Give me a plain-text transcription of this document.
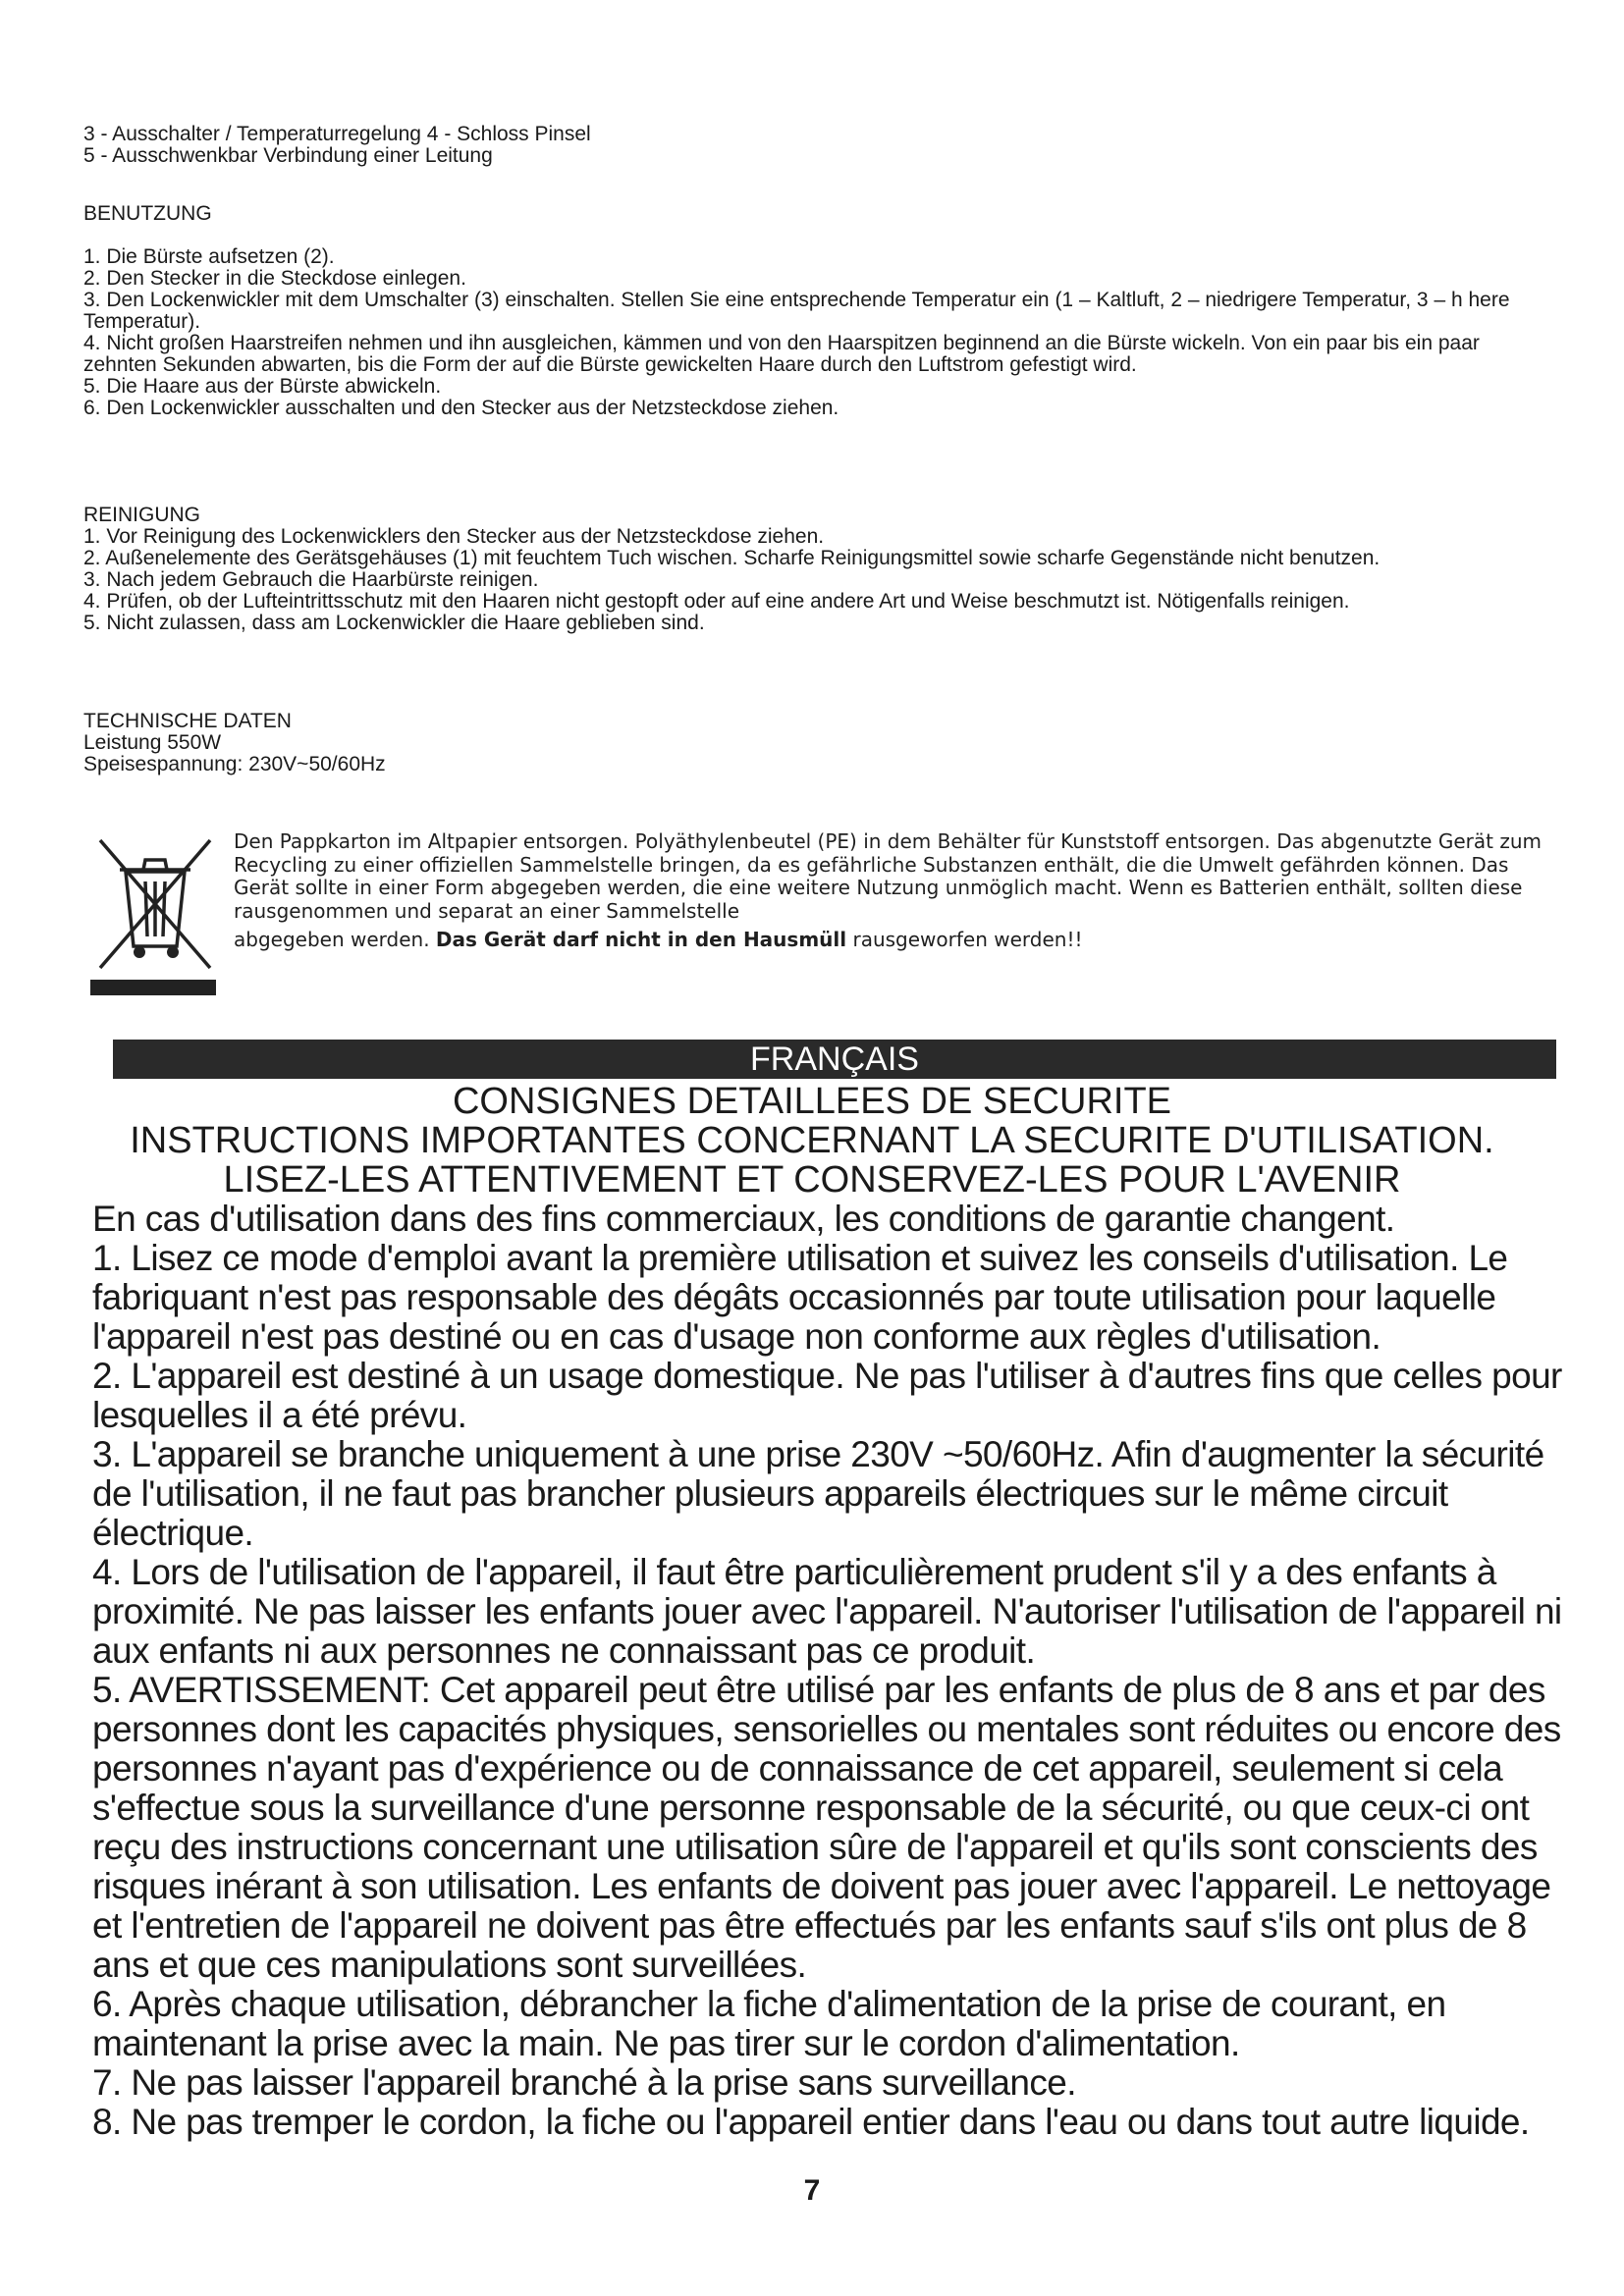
3 - Ausschalter / Temperaturregelung 4 - Schloss Pinsel

5 - Ausschwenkbar Verbindung einer Leitung

BENUTZUNG

1. Die Bürste aufsetzen (2).

2. Den Stecker in die Steckdose einlegen.

3. Den Lockenwickler mit dem Umschalter (3) einschalten. Stellen Sie eine entsprechende Temperatur ein (1 – Kaltluft, 2 – niedrigere Temperatur, 3 – h here Temperatur).

4. Nicht großen Haarstreifen nehmen und ihn ausgleichen, kämmen und von den Haarspitzen beginnend an die Bürste wickeln. Von ein paar bis ein paar zehnten Sekunden abwarten, bis die Form der auf die Bürste gewickelten Haare durch den Luftstrom gefestigt wird.

5. Die Haare aus der Bürste abwickeln.

6. Den Lockenwickler ausschalten und den Stecker aus der Netzsteckdose ziehen.

REINIGUNG

1. Vor Reinigung des Lockenwicklers den Stecker aus der Netzsteckdose ziehen.

2. Außenelemente des Gerätsgehäuses (1) mit feuchtem Tuch wischen. Scharfe Reinigungsmittel sowie scharfe Gegenstände nicht benutzen.

3. Nach jedem Gebrauch die Haarbürste reinigen.

4. Prüfen, ob der Lufteintrittsschutz mit den Haaren nicht gestopft oder auf eine andere Art und Weise beschmutzt ist. Nötigenfalls reinigen.

5. Nicht zulassen, dass am Lockenwickler die Haare geblieben sind.

TECHNISCHE DATEN

Leistung 550W

Speisespannung: 230V~50/60Hz

Den Pappkarton im Altpapier entsorgen. Polyäthylenbeutel (PE) in dem Behälter für Kunststoff entsorgen. Das abgenutzte Gerät zum Recycling zu einer offiziellen Sammelstelle bringen, da es gefährliche Substanzen enthält, die die Umwelt gefährden können. Das Gerät sollte in einer Form abgegeben werden, die eine weitere Nutzung unmöglich macht. Wenn es Batterien enthält, sollten diese rausgenommen und separat an einer Sammelstelle

abgegeben werden. Das Gerät darf nicht in den Hausmüll rausgeworfen werden!!

FRANÇAIS
CONSIGNES DETAILLEES DE SECURITE
INSTRUCTIONS IMPORTANTES CONCERNANT LA SECURITE D'UTILISATION.
LISEZ-LES ATTENTIVEMENT ET CONSERVEZ-LES POUR L'AVENIR

En cas d'utilisation dans des fins commerciaux, les conditions de garantie changent.

1. Lisez ce mode d'emploi avant la première utilisation et suivez les conseils d'utilisation. Le fabriquant n'est pas responsable des dégâts occasionnés par toute utilisation pour laquelle l'appareil n'est pas destiné ou en cas d'usage non conforme aux règles d'utilisation.

2. L'appareil est destiné à un usage domestique. Ne pas l'utiliser à d'autres fins que celles pour lesquelles il a été prévu.

3. L'appareil se branche uniquement à une prise 230V ~50/60Hz. Afin d'augmenter la sécurité de l'utilisation, il ne faut pas brancher plusieurs appareils électriques sur le même circuit électrique.

4. Lors de l'utilisation de l'appareil, il faut être particulièrement prudent s'il y a des enfants à proximité. Ne pas laisser les enfants jouer avec l'appareil. N'autoriser l'utilisation de l'appareil ni aux enfants ni aux personnes ne connaissant pas ce produit.

5. AVERTISSEMENT: Cet appareil peut être utilisé par les enfants de plus de 8 ans et par des personnes dont les capacités physiques, sensorielles ou mentales sont réduites ou encore des personnes n'ayant pas d'expérience ou de connaissance de cet appareil, seulement si cela s'effectue sous la surveillance d'une personne responsable de la sécurité, ou que ceux-ci ont reçu des instructions concernant une utilisation sûre de l'appareil et qu'ils sont conscients des risques inérant à son utilisation. Les enfants de doivent pas jouer avec l'appareil. Le nettoyage et l'entretien de l'appareil ne doivent pas être effectués par les enfants sauf s'ils ont plus de 8 ans et que ces manipulations sont surveillées.

6. Après chaque utilisation, débrancher la fiche d'alimentation de la prise de courant, en maintenant la prise avec la main. Ne pas tirer sur le cordon d'alimentation.

7. Ne pas laisser l'appareil branché à la prise sans surveillance.

8. Ne pas tremper le cordon, la fiche ou l'appareil entier dans l'eau ou dans tout autre liquide.

7
